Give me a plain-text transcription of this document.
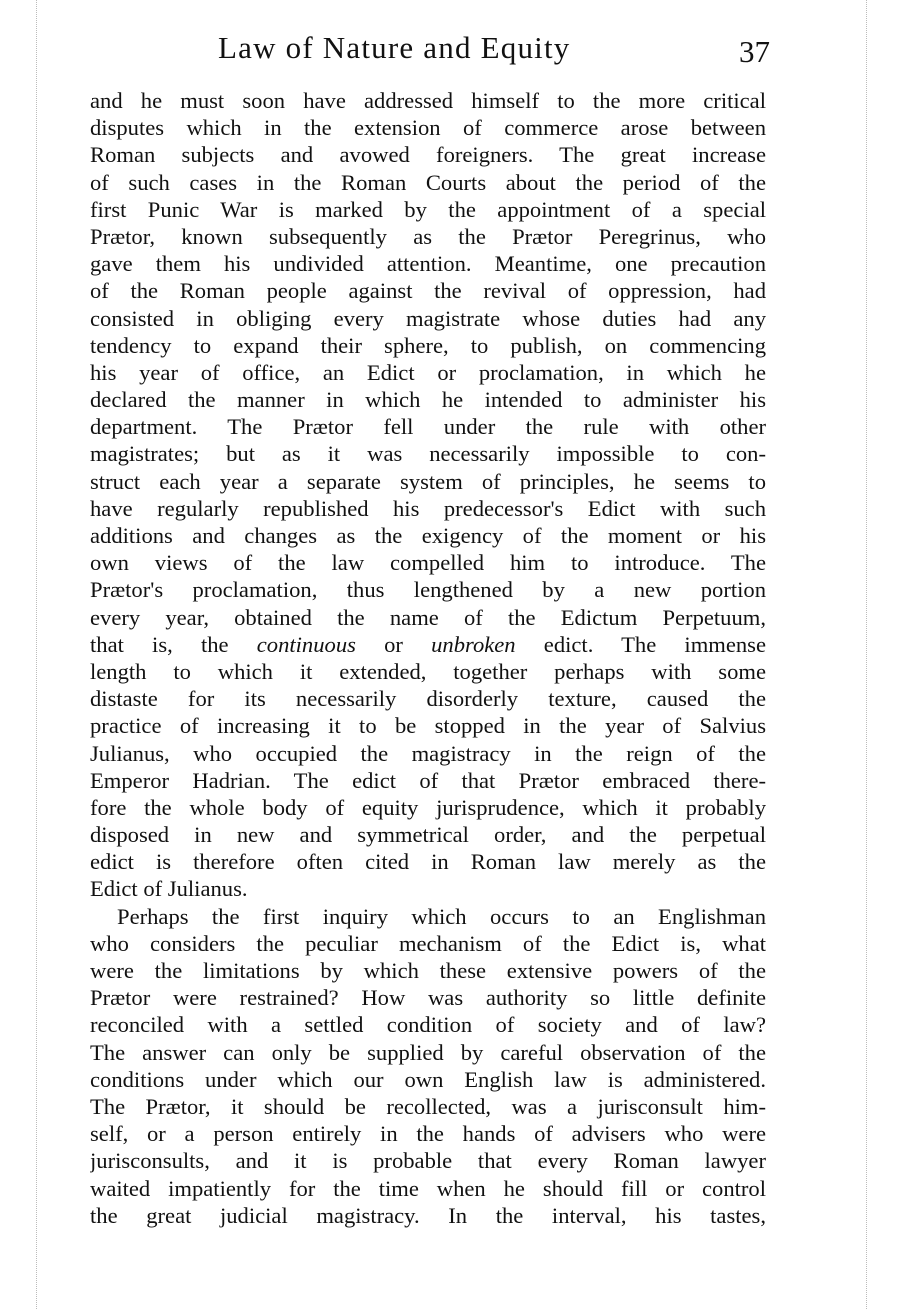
Law of Nature and Equity	37
and he must soon have addressed himself to the more critical
disputes which in the extension of commerce arose between
Roman subjects and avowed foreigners. The great increase
of such cases in the Roman Courts about the period of the
first Punic War is marked by the appointment of a special
Prætor, known subsequently as the Prætor Peregrinus, who
gave them his undivided attention. Meantime, one precaution
of the Roman people against the revival of oppression, had
consisted in obliging every magistrate whose duties had any
tendency to expand their sphere, to publish, on commencing
his year of office, an Edict or proclamation, in which he
declared the manner in which he intended to administer his
department. The Prætor fell under the rule with other
magistrates; but as it was necessarily impossible to con-
struct each year a separate system of principles, he seems to
have regularly republished his predecessor's Edict with such
additions and changes as the exigency of the moment or his
own views of the law compelled him to introduce. The
Prætor's proclamation, thus lengthened by a new portion
every year, obtained the name of the Edictum Perpetuum,
that is, the continuous or unbroken edict. The immense
length to which it extended, together perhaps with some
distaste for its necessarily disorderly texture, caused the
practice of increasing it to be stopped in the year of Salvius
Julianus, who occupied the magistracy in the reign of the
Emperor Hadrian. The edict of that Prætor embraced there-
fore the whole body of equity jurisprudence, which it probably
disposed in new and symmetrical order, and the perpetual
edict is therefore often cited in Roman law merely as the
Edict of Julianus.
Perhaps the first inquiry which occurs to an Englishman
who considers the peculiar mechanism of the Edict is, what
were the limitations by which these extensive powers of the
Prætor were restrained? How was authority so little definite
reconciled with a settled condition of society and of law?
The answer can only be supplied by careful observation of the
conditions under which our own English law is administered.
The Prætor, it should be recollected, was a jurisconsult him-
self, or a person entirely in the hands of advisers who were
jurisconsults, and it is probable that every Roman lawyer
waited impatiently for the time when he should fill or control
the great judicial magistracy. In the interval, his tastes,
